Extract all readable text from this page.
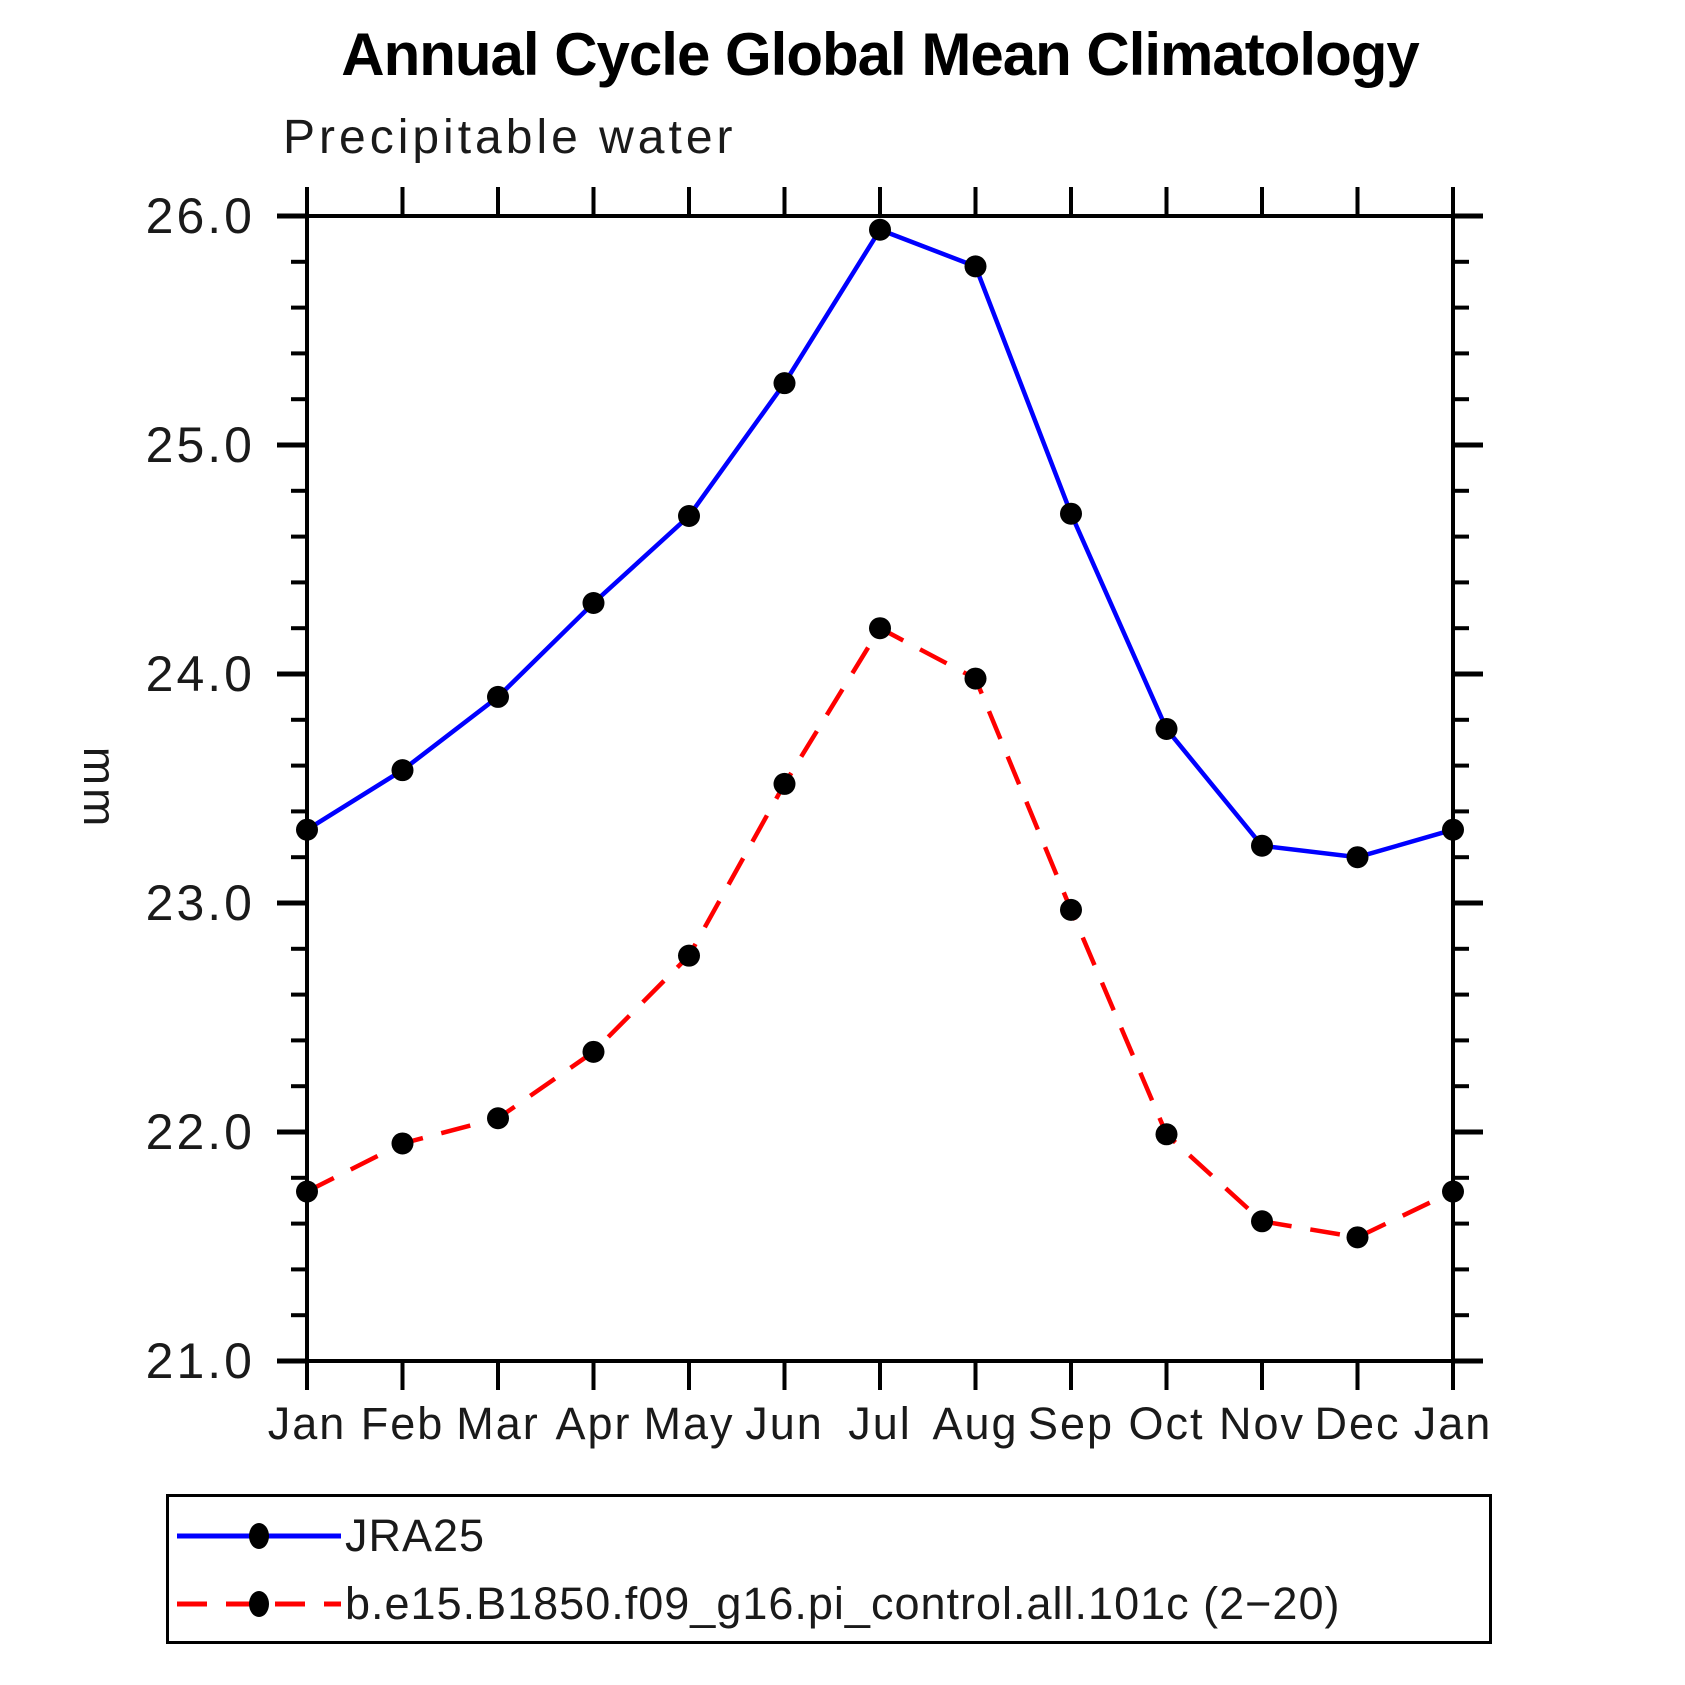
Annual Cycle Global Mean Climatology
Precipitable water
mm
26.0
25.0
24.0
23.0
22.0
21.0
Jan Feb Mar Apr May Jun Jul Aug Sep Oct Nov Dec Jan
JRA25
b.e15.B1850.f09_g16.pi_control.all.101c (2−20)
